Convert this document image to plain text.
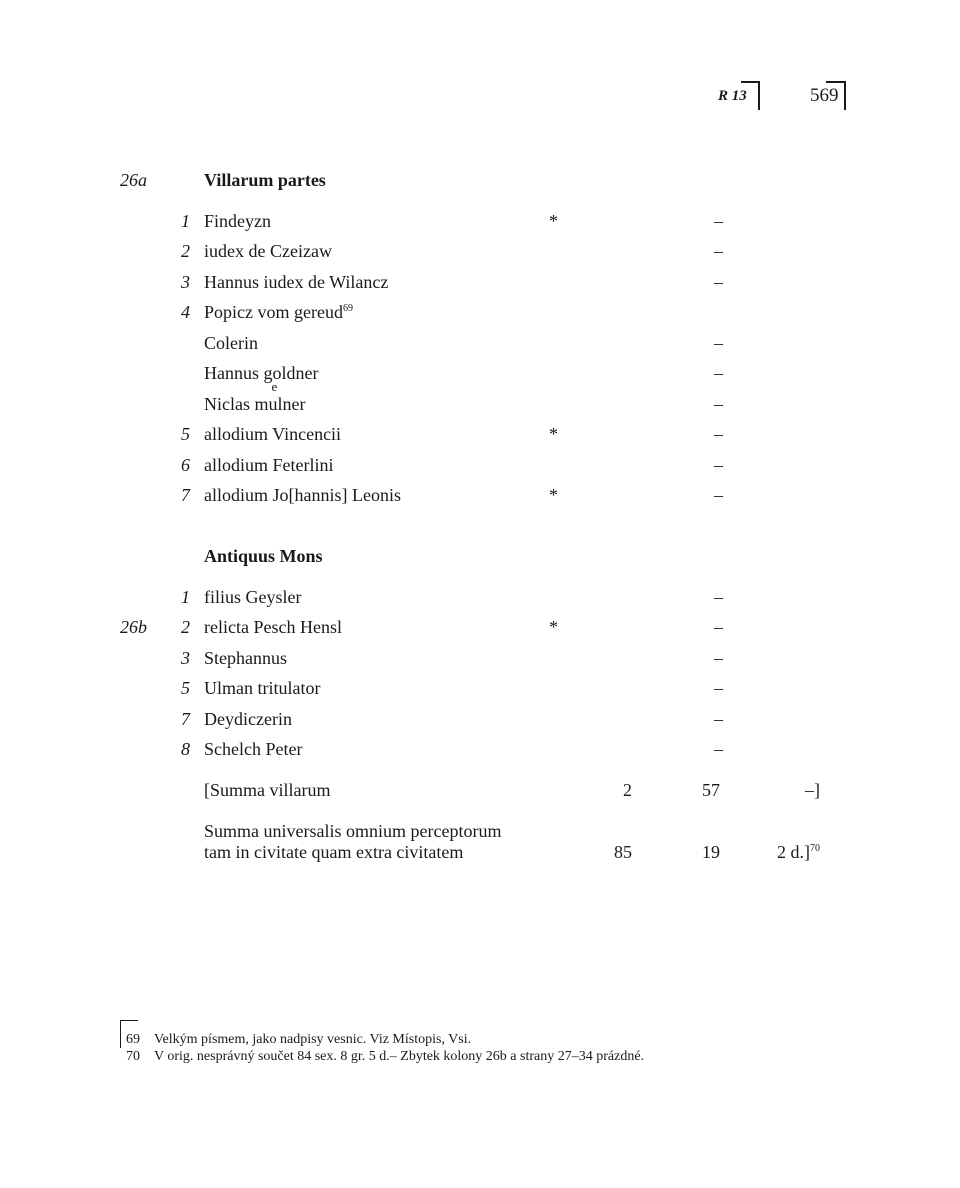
R 13	569
26a	Villarum partes
1 Findeyzn	*	–
2 iudex de Czeizaw	–
3 Hannus iudex de Wilancz	–
4 Popicz vom gereud$^{69}$
Colerin	–
Hannus goldner	–
Niclas m
e
ulner	–
5 allodium Vincencii	*	–
6 allodium Feterlini	–
7 allodium Jo[hannis] Leonis	*	–
Antiquus Mons
1 filius Geysler	–
26b 2 relicta Pesch Hensl	*	–
3 Stephannus	–
5 Ulman tritulator	–
7 Deydiczerin	–
8 Schelch Peter	–
[Summa villarum	2	57	–]
Summa universalis omnium perceptorum
tam in civitate quam extra civitatem	85	19	2 d.]$^{70}$
69 Velkým písmem, jako nadpisy vesnic. Viz Místopis, Vsi.
70 V orig. nesprávný součet 84 sex. 8 gr. 5 d.– Zbytek kolony 26b a strany 27–34 prázdné.
